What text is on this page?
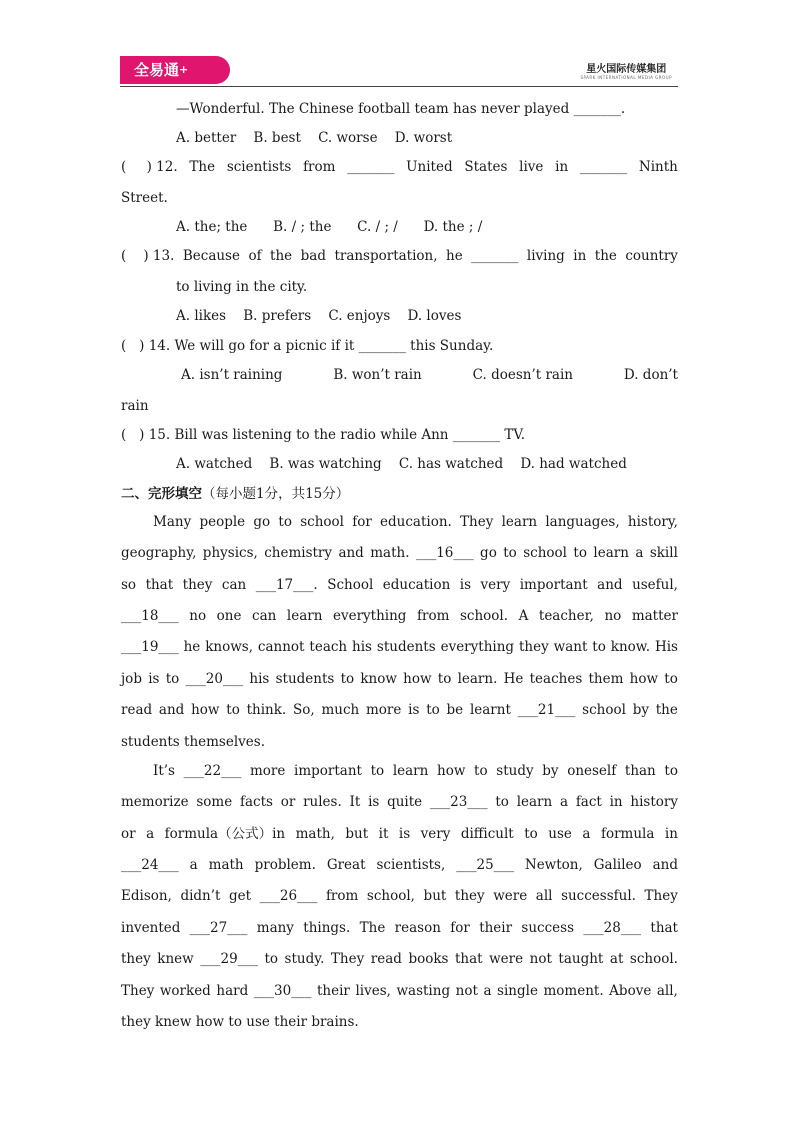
全易通+	星火国际传媒集团
SPARK INTERNATIONAL MEDIA GROUP
—Wonderful. The Chinese football team has never played _______.
A. better    B. best    C. worse    D. worst
( ) 12. The scientists from _______ United States live in _______ Ninth
Street.
A. the; the      B. / ; the      C. / ; /      D. the ; /
( ) 13. Because of the bad transportation, he _______ living in the country
to living in the city.
A. likes    B. prefers    C. enjoys    D. loves
(   ) 14. We will go for a picnic if it _______ this Sunday.
A. isn’t raining	B. won’t rain	C. doesn’t rain	D. don’t
rain
(   ) 15. Bill was listening to the radio while Ann _______ TV.
A. watched    B. was watching    C. has watched    D. had watched
二、完形填空（每小题1分，共15分）
Many people go to school for education. They learn languages, history,
geography, physics, chemistry and math. ___16___ go to school to learn a skill
so that they can ___17___. School education is very important and useful,
___18___ no one can learn everything from school. A teacher, no matter
___19___ he knows, cannot teach his students everything they want to know. His
job is to ___20___ his students to know how to learn. He teaches them how to
read and how to think. So, much more is to be learnt ___21___ school by the
It’s ___22___ more important to learn how to study by oneself than to
memorize some facts or rules. It is quite ___23___ to learn a fact in history
or a formula（公式）in math, but it is very difficult to use a formula in
___24___ a math problem. Great scientists, ___25___ Newton, Galileo and
Edison, didn’t get ___26___ from school, but they were all successful. They
invented ___27___ many things. The reason for their success ___28___ that
they knew ___29___ to study. They read books that were not taught at school.
They worked hard ___30___ their lives, wasting not a single moment. Above all,
students themselves.
they knew how to use their brains.
